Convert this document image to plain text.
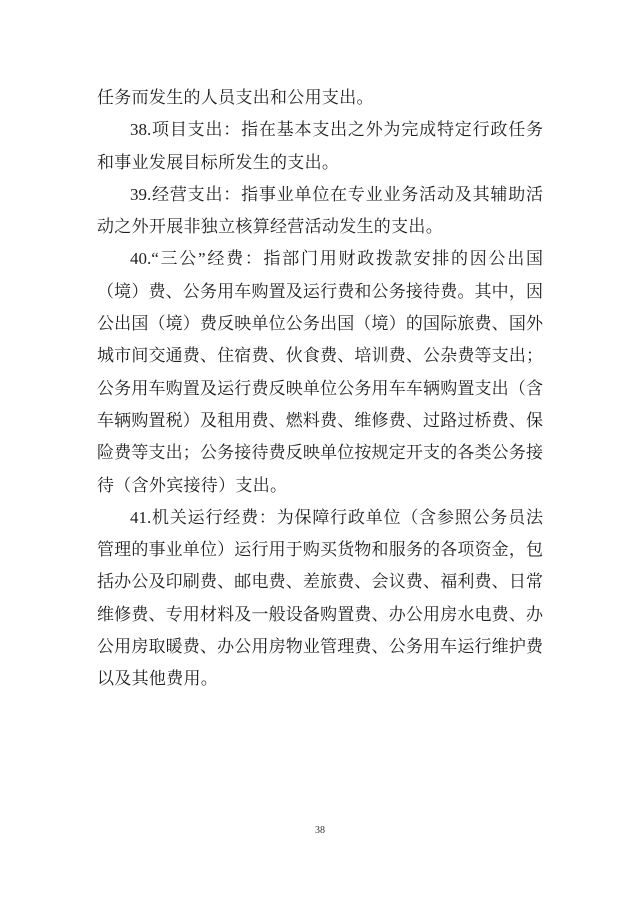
任务而发生的人员支出和公用支出。
38.项目支出：指在基本支出之外为完成特定行政任务
和事业发展目标所发生的支出。
39.经营支出：指事业单位在专业业务活动及其辅助活
动之外开展非独立核算经营活动发生的支出。
40.“三公”经费：指部门用财政拨款安排的因公出国
（境）费、公务用车购置及运行费和公务接待费。其中，因
公出国（境）费反映单位公务出国（境）的国际旅费、国外
城市间交通费、住宿费、伙食费、培训费、公杂费等支出；
公务用车购置及运行费反映单位公务用车车辆购置支出（含
车辆购置税）及租用费、燃料费、维修费、过路过桥费、保
险费等支出；公务接待费反映单位按规定开支的各类公务接
待（含外宾接待）支出。
41.机关运行经费：为保障行政单位（含参照公务员法
管理的事业单位）运行用于购买货物和服务的各项资金，包
括办公及印刷费、邮电费、差旅费、会议费、福利费、日常
维修费、专用材料及一般设备购置费、办公用房水电费、办
公用房取暖费、办公用房物业管理费、公务用车运行维护费
以及其他费用。
38
